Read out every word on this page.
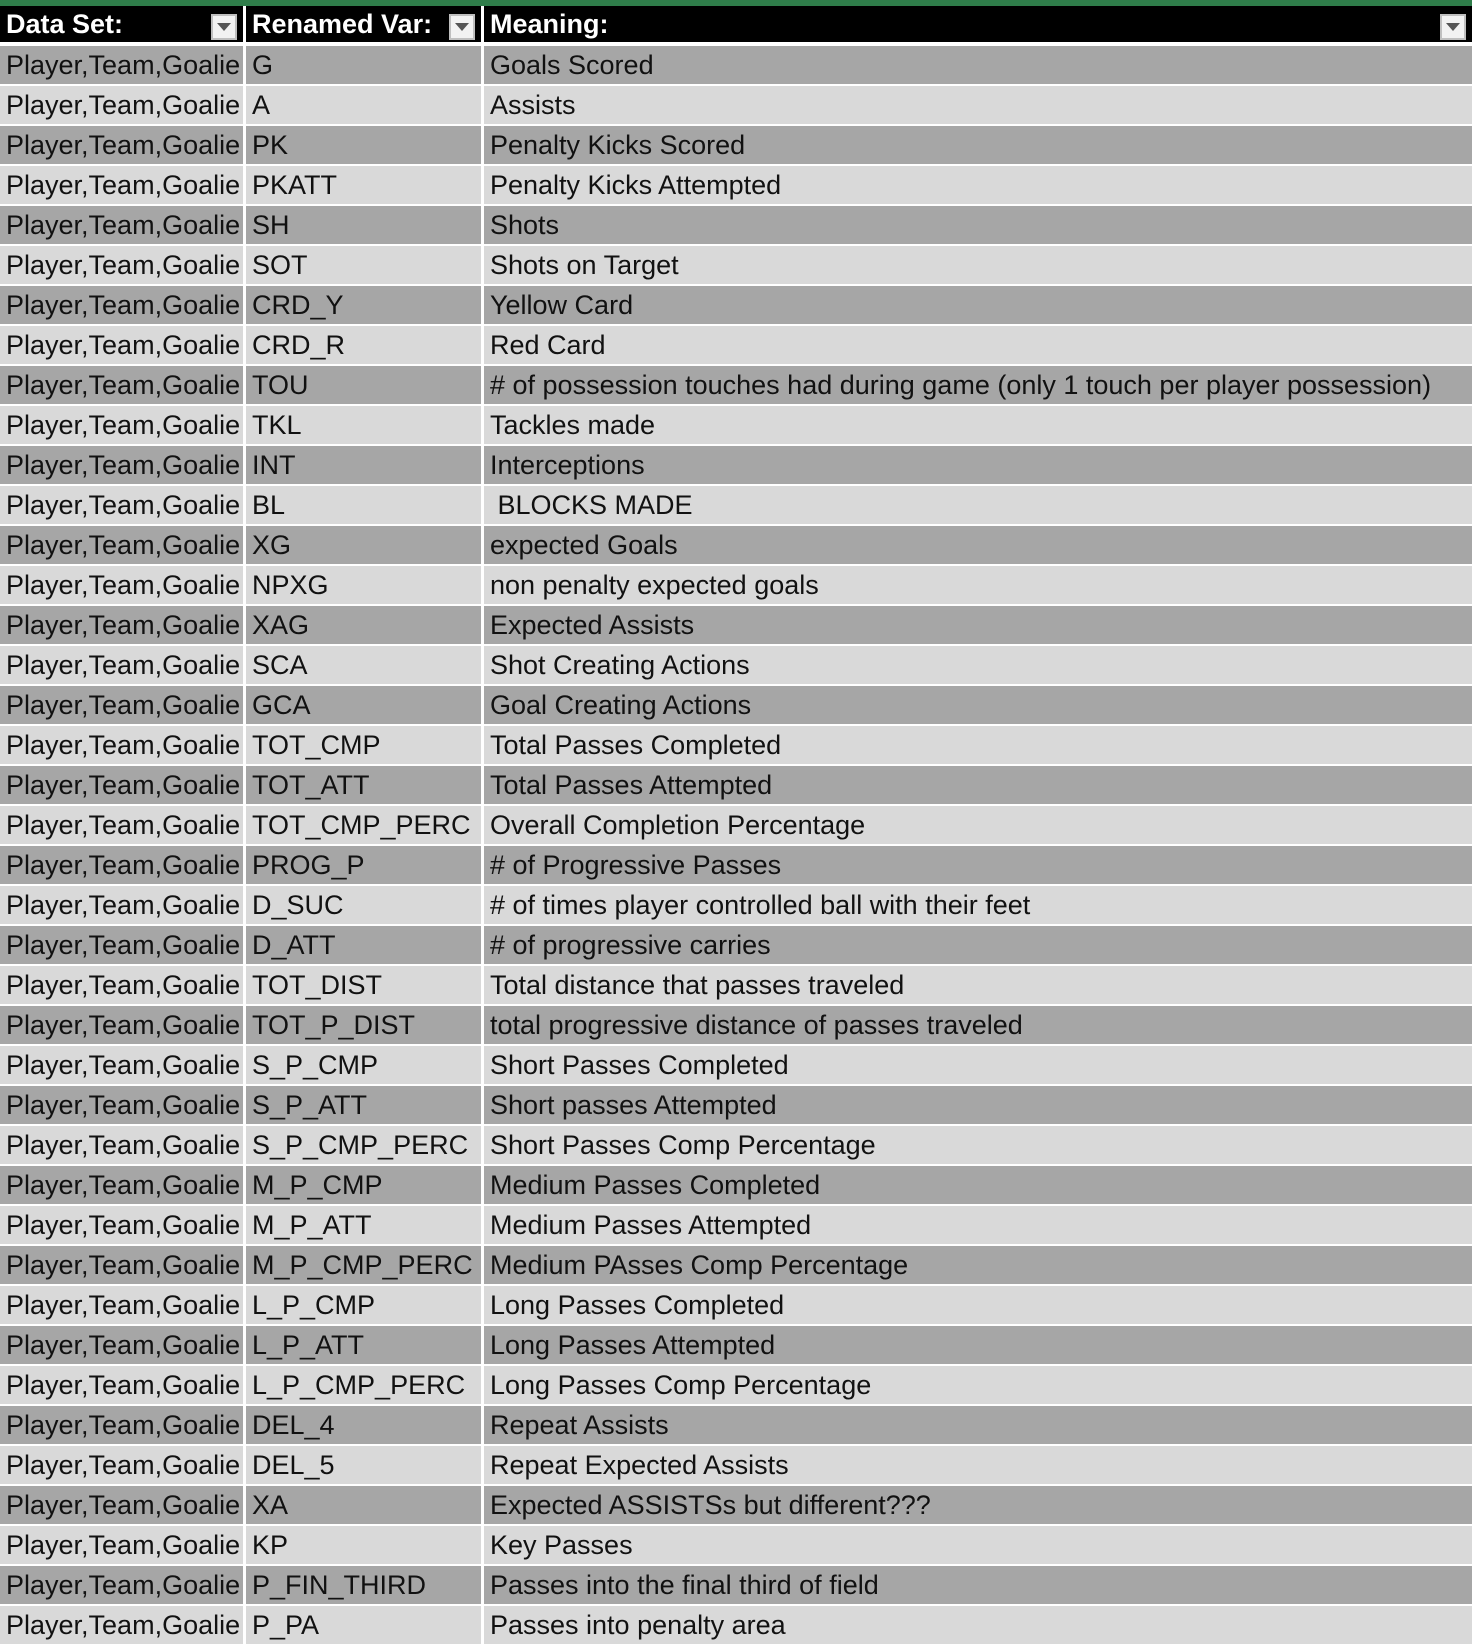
Data Set:	Renamed Var: Meaning:
Player,Team,Goalie G	Goals Scored
Player,Team,Goalie A	Assists
Player,Team,Goalie PK	Penalty Kicks Scored
Player,Team,Goalie PKATT	Penalty Kicks Attempted
Player,Team,Goalie SH	Shots
Player,Team,Goalie SOT	Shots on Target
Player,Team,Goalie CRD_Y	Yellow Card
Player,Team,Goalie CRD_R	Red Card
Player,Team,Goalie TOU	# of possession touches had during game (only 1 touch per player possession)
Player,Team,Goalie TKL	Tackles made
Player,Team,Goalie INT	Interceptions
Player,Team,Goalie BL	BLOCKS MADE
Player,Team,Goalie XG	expected Goals
Player,Team,Goalie NPXG	non penalty expected goals
Player,Team,Goalie XAG	Expected Assists
Player,Team,Goalie SCA	Shot Creating Actions
Player,Team,Goalie GCA	Goal Creating Actions
Player,Team,Goalie TOT_CMP	Total Passes Completed
Player,Team,Goalie TOT_ATT	Total Passes Attempted
Player,Team,Goalie TOT_CMP_PERC Overall Completion Percentage
Player,Team,Goalie PROG_P	# of Progressive Passes
Player,Team,Goalie D_SUC	# of times player controlled ball with their feet
Player,Team,Goalie D_ATT	# of progressive carries
Player,Team,Goalie TOT_DIST	Total distance that passes traveled
Player,Team,Goalie TOT_P_DIST	total progressive distance of passes traveled
Player,Team,Goalie S_P_CMP	Short Passes Completed
Player,Team,Goalie S_P_ATT	Short passes Attempted
Player,Team,Goalie S_P_CMP_PERC Short Passes Comp Percentage
Player,Team,Goalie M_P_CMP	Medium Passes Completed
Player,Team,Goalie M_P_ATT	Medium Passes Attempted
Player,Team,Goalie M_P_CMP_PERC Medium PAsses Comp Percentage
Player,Team,Goalie L_P_CMP	Long Passes Completed
Player,Team,Goalie L_P_ATT	Long Passes Attempted
Player,Team,Goalie L_P_CMP_PERC Long Passes Comp Percentage
Player,Team,Goalie DEL_4	Repeat Assists
Player,Team,Goalie DEL_5	Repeat Expected Assists
Player,Team,Goalie XA	Expected ASSISTSs but different???
Player,Team,Goalie KP	Key Passes
Player,Team,Goalie P_FIN_THIRD	Passes into the final third of field
Player,Team,Goalie P_PA	Passes into penalty area
